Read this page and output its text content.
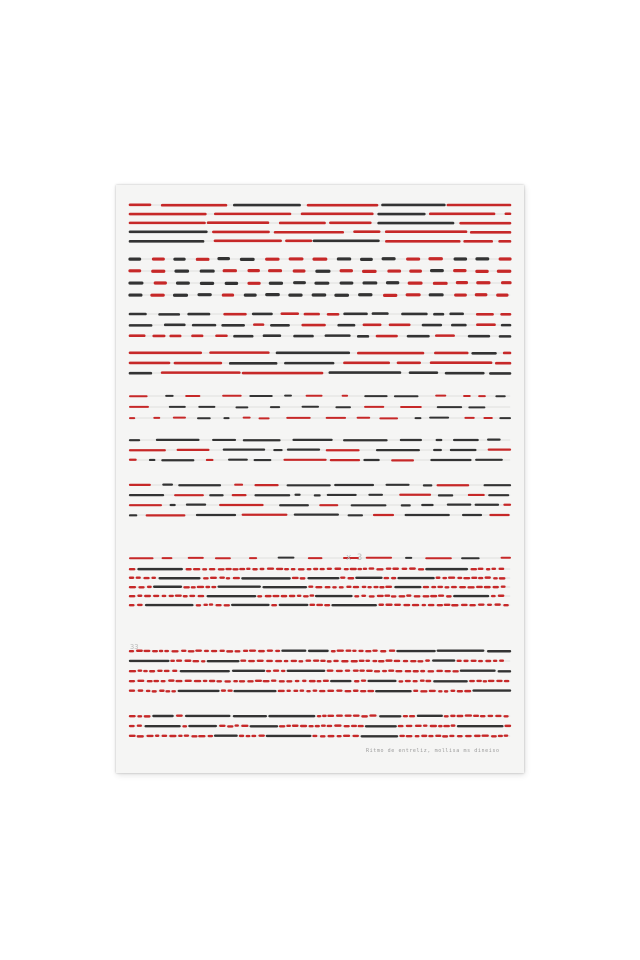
x 3
33
Ritmo de entreliz, mollisa ms dineiso
